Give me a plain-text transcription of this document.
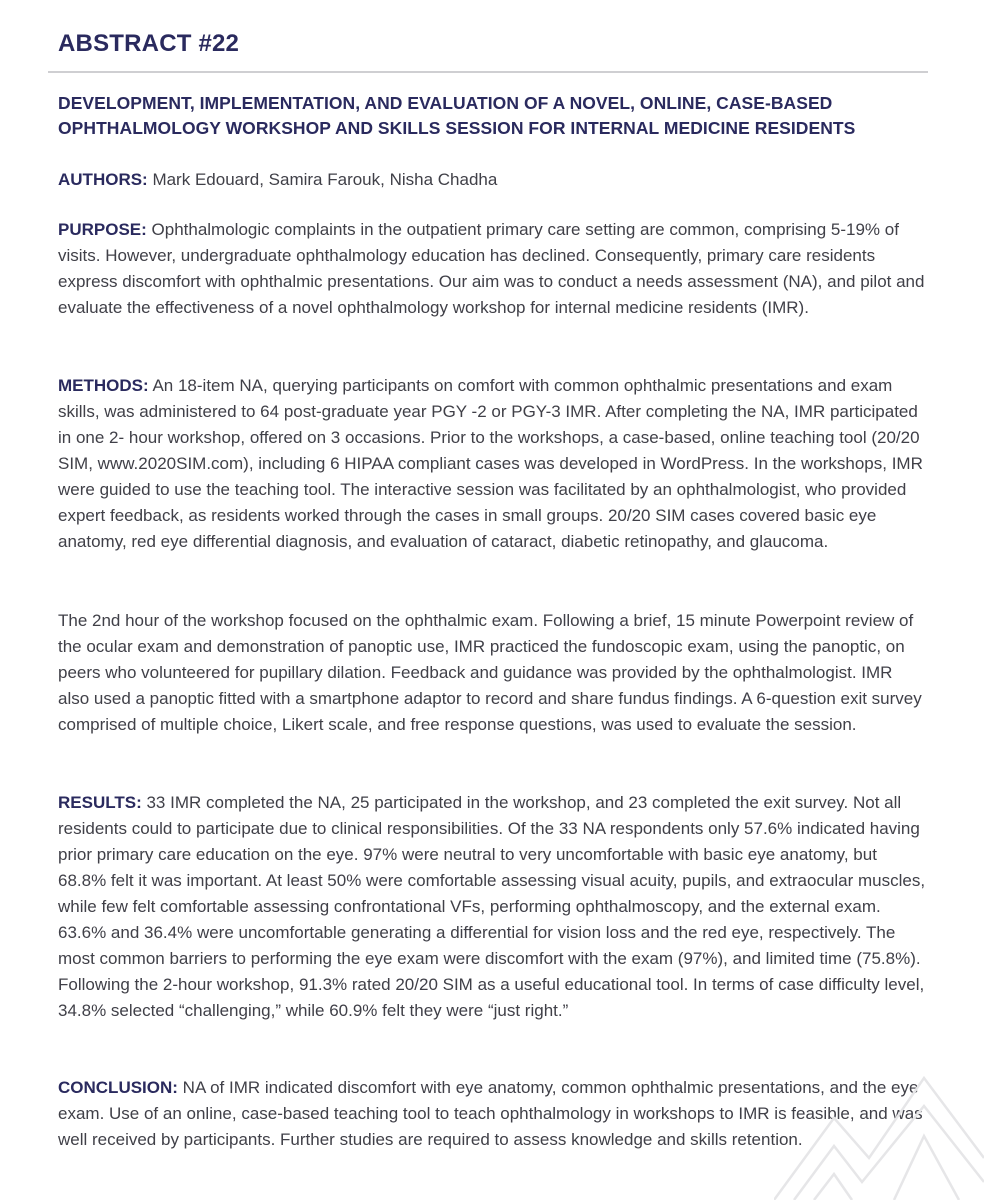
ABSTRACT #22
DEVELOPMENT, IMPLEMENTATION, AND EVALUATION OF A NOVEL, ONLINE, CASE-BASED
OPHTHALMOLOGY WORKSHOP AND SKILLS SESSION FOR INTERNAL MEDICINE RESIDENTS

AUTHORS: Mark Edouard, Samira Farouk, Nisha Chadha

PURPOSE: Ophthalmologic complaints in the outpatient primary care setting are common, comprising 5-19% of visits. However, undergraduate ophthalmology education has declined. Consequently, primary care residents express discomfort with ophthalmic presentations. Our aim was to conduct a needs assessment (NA), and pilot and evaluate the effectiveness of a novel ophthalmology workshop for internal medicine residents (IMR).

METHODS: An 18-item NA, querying participants on comfort with common ophthalmic presentations and exam skills, was administered to 64 post-graduate year PGY -2 or PGY-3 IMR. After completing the NA, IMR participated in one 2- hour workshop, offered on 3 occasions. Prior to the workshops, a case-based, online teaching tool (20/20 SIM, www.2020SIM.com), including 6 HIPAA compliant cases was developed in WordPress. In the workshops, IMR were guided to use the teaching tool. The interactive session was facilitated by an ophthalmologist, who provided expert feedback, as residents worked through the cases in small groups. 20/20 SIM cases covered basic eye anatomy, red eye differential diagnosis, and evaluation of cataract, diabetic retinopathy, and glaucoma.

The 2nd hour of the workshop focused on the ophthalmic exam. Following a brief, 15 minute Powerpoint review of the ocular exam and demonstration of panoptic use, IMR practiced the fundoscopic exam, using the panoptic, on peers who volunteered for pupillary dilation. Feedback and guidance was provided by the ophthalmologist. IMR also used a panoptic fitted with a smartphone adaptor to record and share fundus findings. A 6-question exit survey comprised of multiple choice, Likert scale, and free response questions, was used to evaluate the session.

RESULTS: 33 IMR completed the NA, 25 participated in the workshop, and 23 completed the exit survey. Not all residents could to participate due to clinical responsibilities. Of the 33 NA respondents only 57.6% indicated having prior primary care education on the eye. 97% were neutral to very uncomfortable with basic eye anatomy, but 68.8% felt it was important. At least 50% were comfortable assessing visual acuity, pupils, and extraocular muscles, while few felt comfortable assessing confrontational VFs, performing ophthalmoscopy, and the external exam. 63.6% and 36.4% were uncomfortable generating a differential for vision loss and the red eye, respectively. The most common barriers to performing the eye exam were discomfort with the exam (97%), and limited time (75.8%). Following the 2-hour workshop, 91.3% rated 20/20 SIM as a useful educational tool. In terms of case difficulty level, 34.8% selected “challenging,” while 60.9% felt they were “just right.”

CONCLUSION: NA of IMR indicated discomfort with eye anatomy, common ophthalmic presentations, and the eye exam. Use of an online, case-based teaching tool to teach ophthalmology in workshops to IMR is feasible, and was well received by participants. Further studies are required to assess knowledge and skills retention.
